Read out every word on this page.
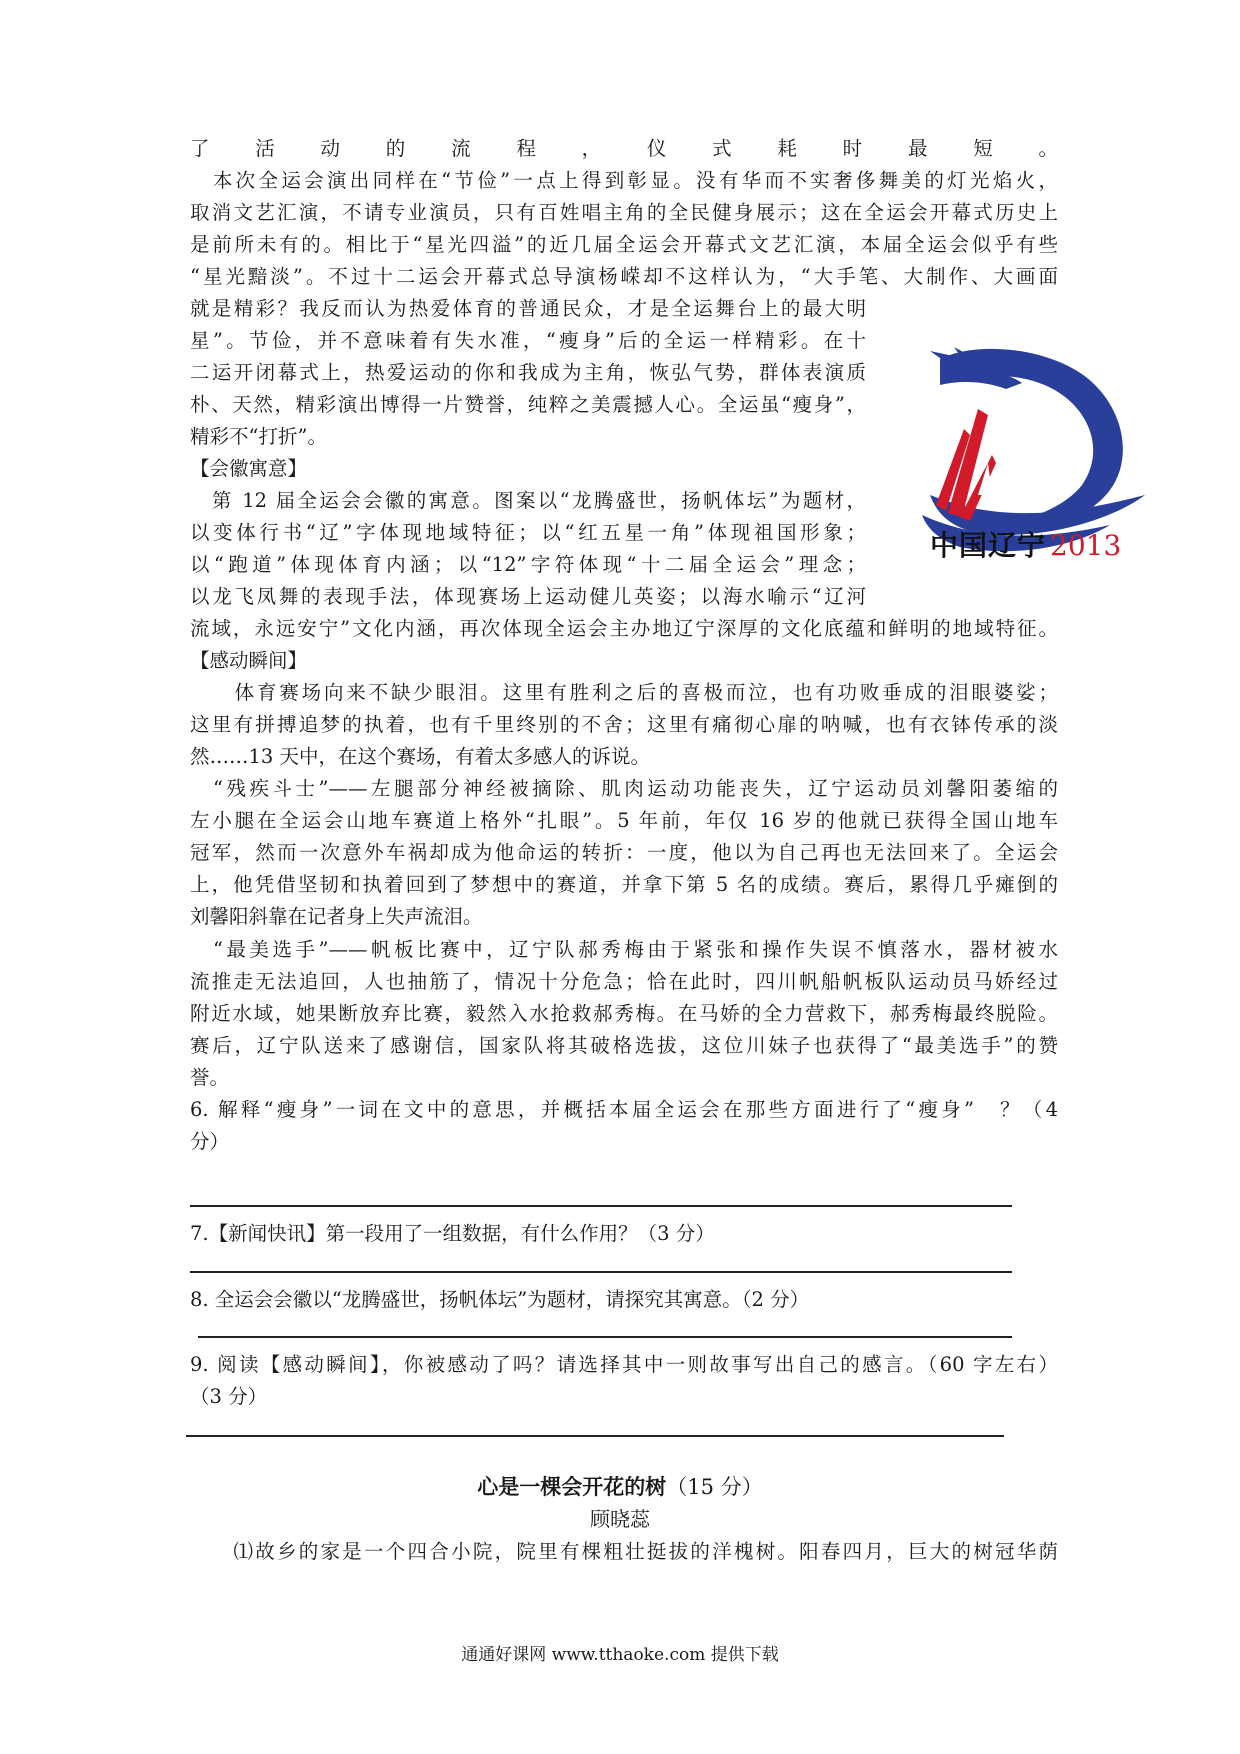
了活动的流程，仪式耗时最短。
　本次全运会演出同样在“节俭”一点上得到彰显。没有华而不实奢侈舞美的灯光焰火，
取消文艺汇演，不请专业演员，只有百姓唱主角的全民健身展示；这在全运会开幕式历史上
是前所未有的。相比于“星光四溢”的近几届全运会开幕式文艺汇演，本届全运会似乎有些
“星光黯淡”。不过十二运会开幕式总导演杨嵘却不这样认为，“大手笔、大制作、大画面
就是精彩？我反而认为热爱体育的普通民众，才是全运舞台上的最大明
星”。节俭，并不意味着有失水准，“瘦身”后的全运一样精彩。在十
二运开闭幕式上，热爱运动的你和我成为主角，恢弘气势，群体表演质
朴、天然，精彩演出博得一片赞誉，纯粹之美震撼人心。全运虽“瘦身”，
精彩不“打折”。
【会徽寓意】
　第 12 届全运会会徽的寓意。图案以“龙腾盛世，扬帆体坛”为题材，
以变体行书“辽”字体现地域特征；以“红五星一角”体现祖国形象；
以“跑道”体现体育内涵；以“12”字符体现“十二届全运会”理念；
以龙飞凤舞的表现手法，体现赛场上运动健儿英姿；以海水喻示“辽河
流域，永远安宁”文化内涵，再次体现全运会主办地辽宁深厚的文化底蕴和鲜明的地域特征。
【感动瞬间】
　　体育赛场向来不缺少眼泪。这里有胜利之后的喜极而泣，也有功败垂成的泪眼婆娑；
这里有拼搏追梦的执着，也有千里终别的不舍；这里有痛彻心扉的呐喊，也有衣钵传承的淡
然……13 天中，在这个赛场，有着太多感人的诉说。
　“残疾斗士”——左腿部分神经被摘除、肌肉运动功能丧失，辽宁运动员刘馨阳萎缩的
左小腿在全运会山地车赛道上格外“扎眼”。5 年前，年仅 16 岁的他就已获得全国山地车
冠军，然而一次意外车祸却成为他命运的转折：一度，他以为自己再也无法回来了。全运会
上，他凭借坚韧和执着回到了梦想中的赛道，并拿下第 5 名的成绩。赛后，累得几乎瘫倒的
刘馨阳斜靠在记者身上失声流泪。
　“最美选手”——帆板比赛中，辽宁队郝秀梅由于紧张和操作失误不慎落水，器材被水
流推走无法追回，人也抽筋了，情况十分危急；恰在此时，四川帆船帆板队运动员马娇经过
附近水域，她果断放弃比赛，毅然入水抢救郝秀梅。在马娇的全力营救下，郝秀梅最终脱险。
赛后，辽宁队送来了感谢信，国家队将其破格选拔，这位川妹子也获得了“最美选手”的赞
誉。
6. 解释“瘦身”一词在文中的意思，并概括本届全运会在那些方面进行了“瘦身”　？（4
分）
7.【新闻快讯】第一段用了一组数据，有什么作用？（3 分）
8. 全运会会徽以“龙腾盛世，扬帆体坛”为题材，请探究其寓意。（2 分）
9. 阅读【感动瞬间】，你被感动了吗？请选择其中一则故事写出自己的感言。（60 字左右）
（3 分）
心是一棵会开花的树（15 分）
顾晓蕊
　　⑴故乡的家是一个四合小院，院里有棵粗壮挺拔的洋槐树。阳春四月，巨大的树冠华荫
中国辽宁 2013
通通好课网 www.tthaoke.com 提供下载
